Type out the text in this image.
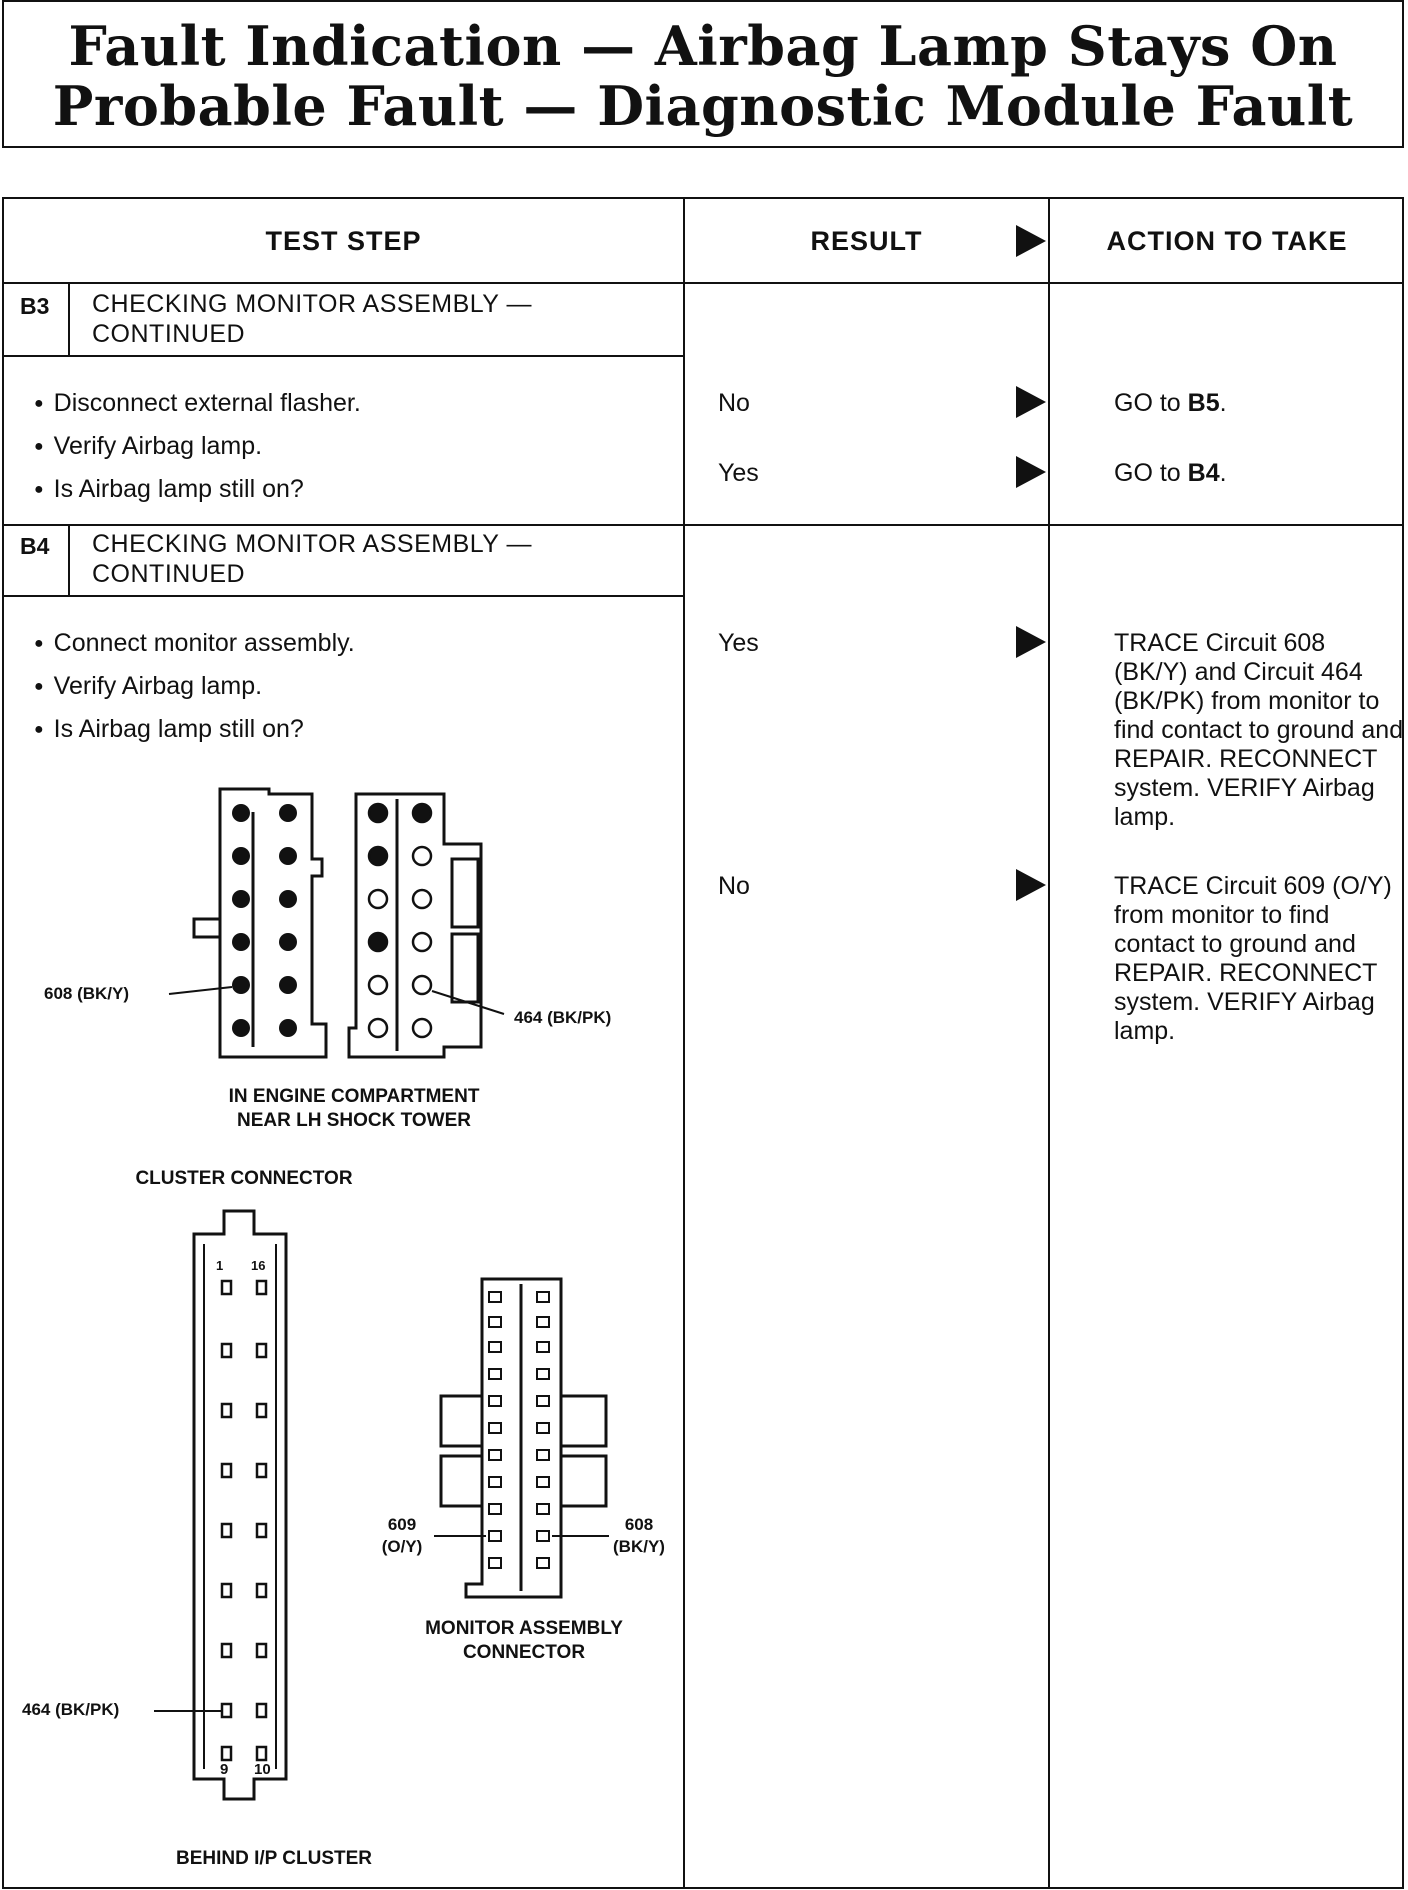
Fault Indication — Airbag Lamp Stays On
Probable Fault — Diagnostic Module Fault
TEST STEP	RESULT	ACTION TO TAKE
B3 CHECKING MONITOR ASSEMBLY —
CONTINUED
● Disconnect external flasher.
● Verify Airbag lamp.
● Is Airbag lamp still on?
No	GO to B5.
Yes	GO to B4.
B4 CHECKING MONITOR ASSEMBLY —
CONTINUED
● Connect monitor assembly.
● Verify Airbag lamp.
● Is Airbag lamp still on?
Yes	TRACE Circuit 608 (BK/Y) and Circuit 464 (BK/PK) from monitor to find contact to ground and REPAIR. RECONNECT system. VERIFY Airbag lamp.
No	TRACE Circuit 609 (O/Y) from monitor to find contact to ground and REPAIR. RECONNECT system. VERIFY Airbag lamp.
608 (BK/Y)
464 (BK/PK)
IN ENGINE COMPARTMENT
NEAR LH SHOCK TOWER
CLUSTER CONNECTOR
1 16
9 10
464 (BK/PK)
BEHIND I/P CLUSTER
609
(O/Y)
608
(BK/Y)
MONITOR ASSEMBLY
CONNECTOR
